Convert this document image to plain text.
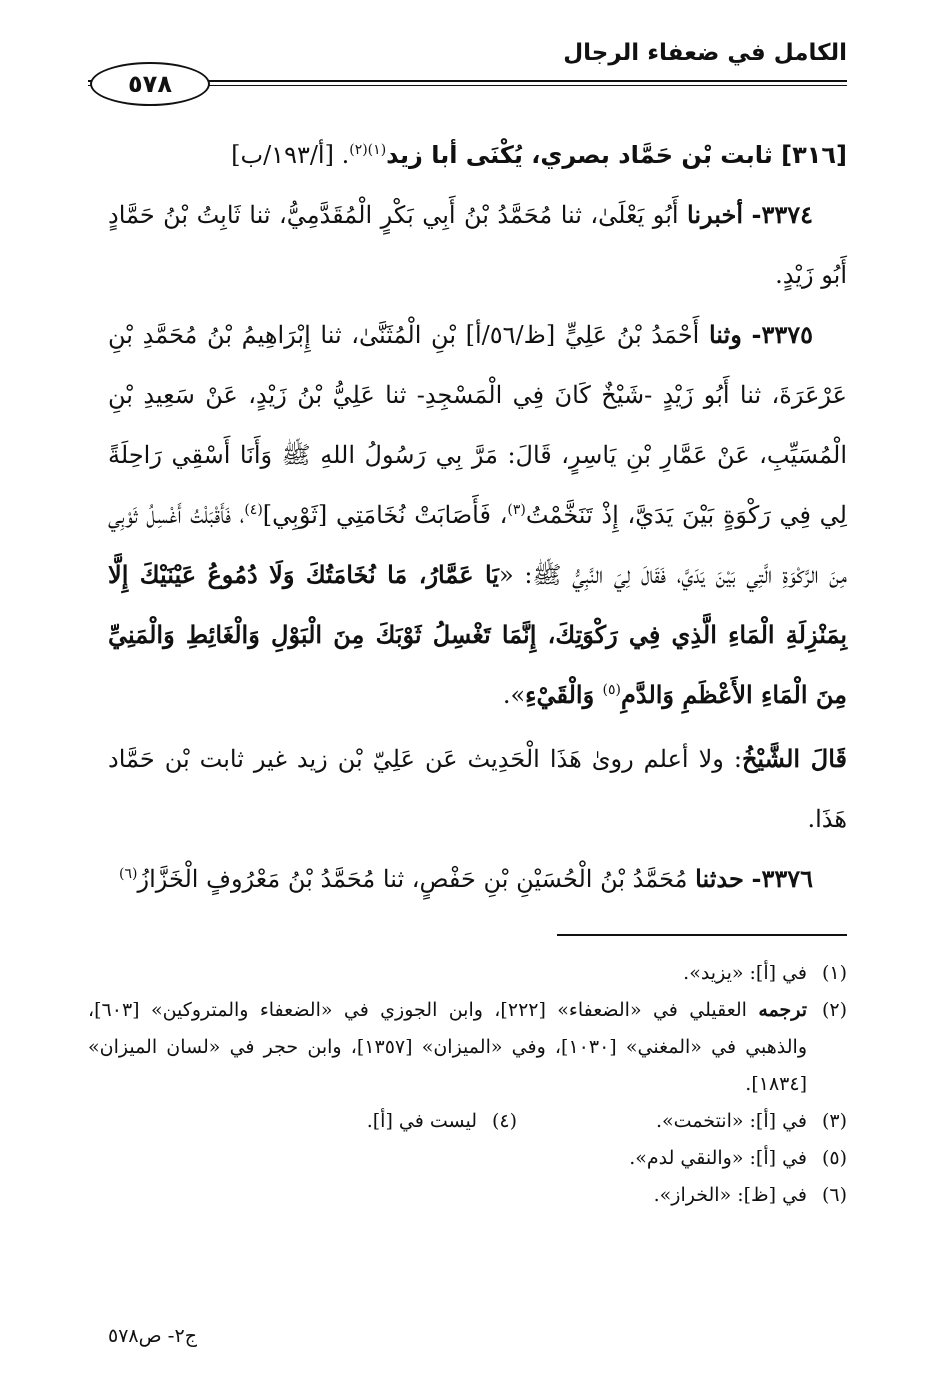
الكامل في ضعفاء الرجال
٥٧٨

[٣١٦] ثابت بْن حَمَّاد بصري، يُكْنَى أبا زيد$^{(١)(٢)}$. [أ/١٩٣/ب]

٣٣٧٤- أخبرنا أَبُو يَعْلَىٰ، ثنا مُحَمَّدُ بْنُ أَبِي بَكْرٍ الْمُقَدَّمِيُّ، ثنا ثَابِتُ بْنُ حَمَّادٍ أَبُو زَيْدٍ.

٣٣٧٥- وثنا أَحْمَدُ بْنُ عَلِيٍّ [ظ/٥٦/أ] بْنِ الْمُثَنَّىٰ، ثنا إِبْرَاهِيمُ بْنُ مُحَمَّدِ بْنِ عَرْعَرَةَ، ثنا أَبُو زَيْدٍ -شَيْخٌ كَانَ فِي الْمَسْجِدِ- ثنا عَلِيُّ بْنُ زَيْدٍ، عَنْ سَعِيدِ بْنِ الْمُسَيِّبِ، عَنْ عَمَّارِ بْنِ يَاسِرٍ، قَالَ: مَرَّ بِي رَسُولُ اللهِ ﷺ وَأَنَا أَسْقِي رَاحِلَةً لِي فِي رَكْوَةٍ بَيْنَ يَدَيَّ، إِذْ تَنَخَّمْتُ$^{(٣)}$، فَأَصَابَتْ نُخَامَتِي [ثَوْبِي]$^{(٤)}$، فَأَقْبَلْتُ أَغْسِلُ ثَوْبِي مِنَ الرَّكْوَةِ الَّتِي بَيْنَ يَدَيَّ، فَقَالَ لِيَ النَّبِيُّ ﷺ: «يَا عَمَّارُ، مَا نُخَامَتُكَ وَلَا دُمُوعُ عَيْنَيْكَ إِلَّا بِمَنْزِلَةِ الْمَاءِ الَّذِي فِي رَكْوَتِكَ، إِنَّمَا تَغْسِلُ ثَوْبَكَ مِنَ الْبَوْلِ وَالْغَائِطِ وَالْمَنِيِّ مِنَ الْمَاءِ الأَعْظَمِ وَالدَّمِ$^{(٥)}$ وَالْقَيْءِ».

قَالَ الشَّيْخُ: ولا أعلم روىٰ هَذَا الْحَدِيث عَن عَلِيّ بْن زيد غير ثابت بْن حَمَّاد هَذَا.

٣٣٧٦- حدثنا مُحَمَّدُ بْنُ الْحُسَيْنِ بْنِ حَفْصٍ، ثنا مُحَمَّدُ بْنُ مَعْرُوفٍ الْخَزَّازُ$^{(٦)}$

(١)
في [أ]: «يزيد».
(٢)
ترجمه العقيلي في «الضعفاء» [٢٢٢]، وابن الجوزي في «الضعفاء والمتروكين» [٦٠٣]، والذهبي في «المغني» [١٠٣٠]، وفي «الميزان» [١٣٥٧]، وابن حجر في «لسان الميزان» [١٨٣٤].
(٣)
في [أ]: «انتخمت».
(٤)
ليست في [أ].
(٥)
في [أ]: «والنقي لدم».
(٦)
في [ظ]: «الخراز».
ج٢- ص٥٧٨
